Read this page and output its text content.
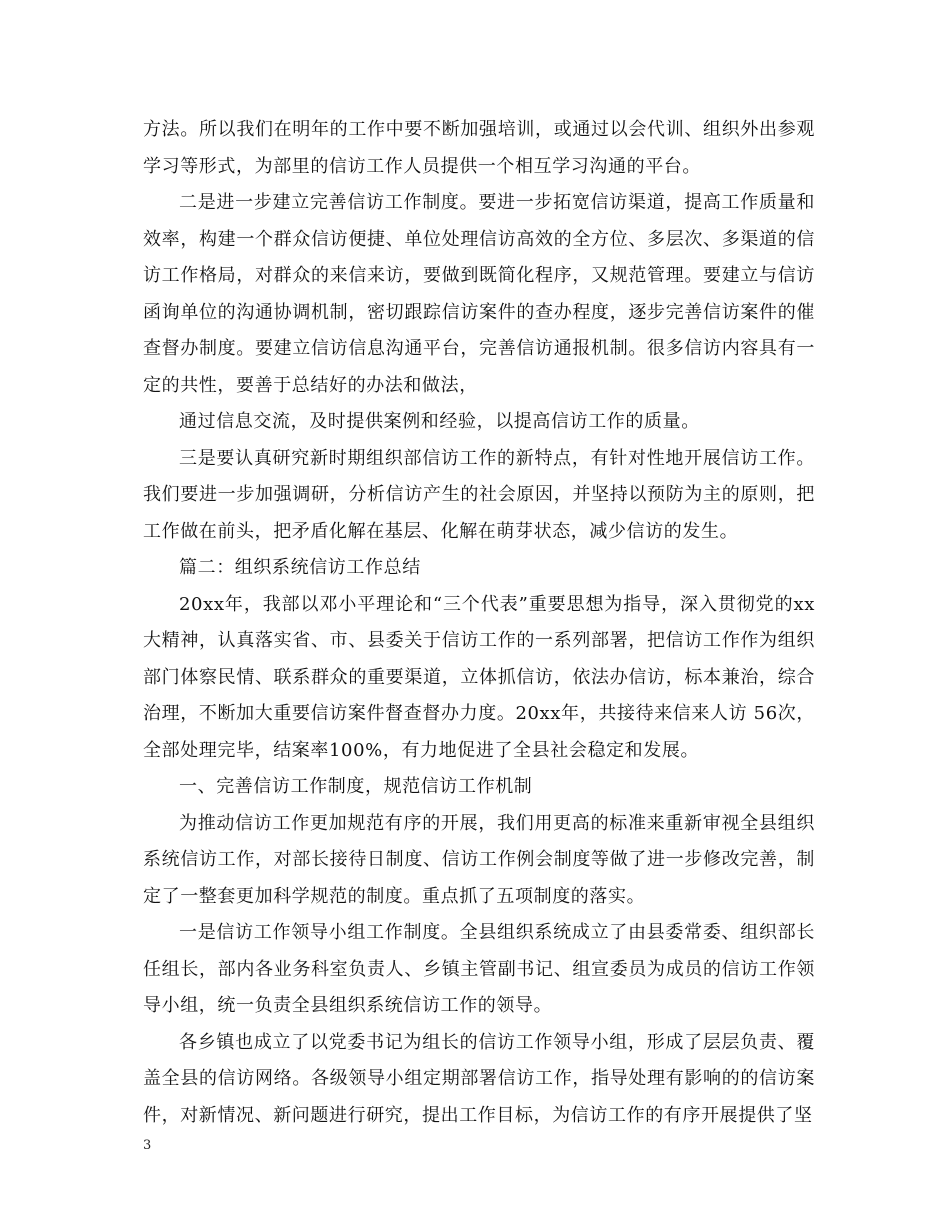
方法。所以我们在明年的工作中要不断加强培训，或通过以会代训、组织外出参观学习等形式，为部里的信访工作人员提供一个相互学习沟通的平台。

二是进一步建立完善信访工作制度。要进一步拓宽信访渠道，提高工作质量和效率，构建一个群众信访便捷、单位处理信访高效的全方位、多层次、多渠道的信访工作格局，对群众的来信来访，要做到既简化程序，又规范管理。要建立与信访函询单位的沟通协调机制，密切跟踪信访案件的查办程度，逐步完善信访案件的催查督办制度。要建立信访信息沟通平台，完善信访通报机制。很多信访内容具有一定的共性，要善于总结好的办法和做法，

通过信息交流，及时提供案例和经验，以提高信访工作的质量。

三是要认真研究新时期组织部信访工作的新特点，有针对性地开展信访工作。我们要进一步加强调研，分析信访产生的社会原因，并坚持以预防为主的原则，把工作做在前头，把矛盾化解在基层、化解在萌芽状态，减少信访的发生。

篇二：组织系统信访工作总结

20xx年，我部以邓小平理论和“三个代表”重要思想为指导，深入贯彻党的xx大精神，认真落实省、市、县委关于信访工作的一系列部署，把信访工作作为组织部门体察民情、联系群众的重要渠道，立体抓信访，依法办信访，标本兼治，综合治理，不断加大重要信访案件督查督办力度。20xx年，共接待来信来人访 56次，全部处理完毕，结案率100%，有力地促进了全县社会稳定和发展。

一、完善信访工作制度，规范信访工作机制

为推动信访工作更加规范有序的开展，我们用更高的标准来重新审视全县组织系统信访工作，对部长接待日制度、信访工作例会制度等做了进一步修改完善，制定了一整套更加科学规范的制度。重点抓了五项制度的落实。

一是信访工作领导小组工作制度。全县组织系统成立了由县委常委、组织部长任组长，部内各业务科室负责人、乡镇主管副书记、组宣委员为成员的信访工作领导小组，统一负责全县组织系统信访工作的领导。

各乡镇也成立了以党委书记为组长的信访工作领导小组，形成了层层负责、覆盖全县的信访网络。各级领导小组定期部署信访工作，指导处理有影响的的信访案件，对新情况、新问题进行研究，提出工作目标，为信访工作的有序开展提供了坚

3
